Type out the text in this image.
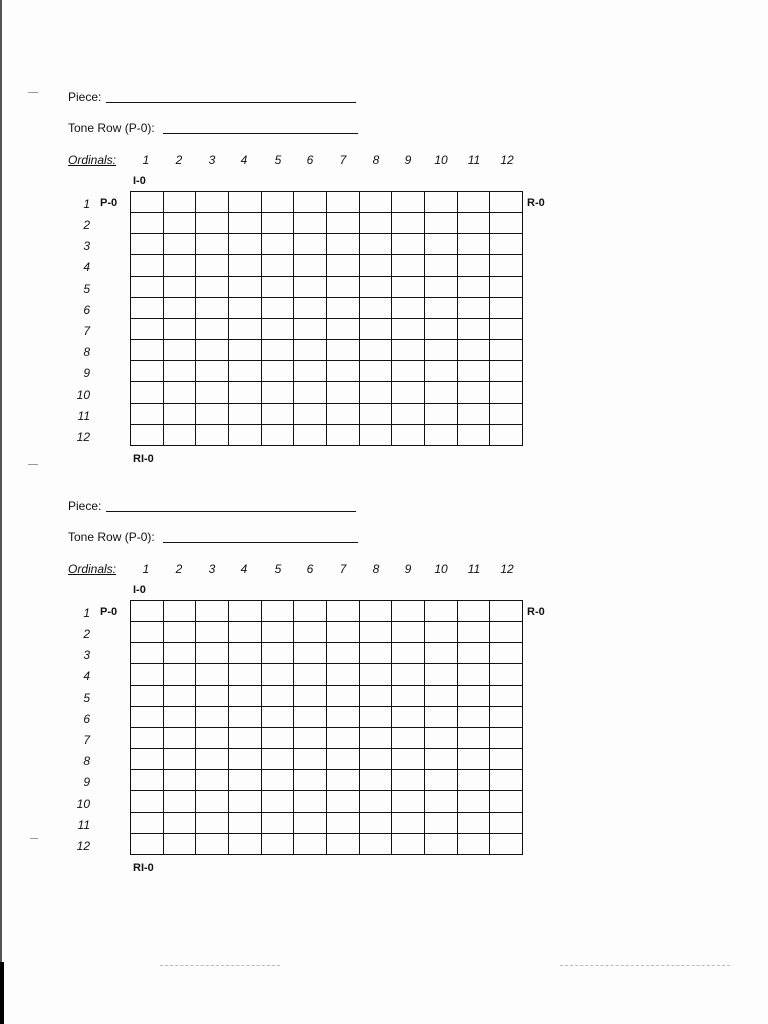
Piece:
Tone Row (P-0):
Ordinals:	1	2	3	4	5	6	7	8	9	10	11	12
I-0
P-0	R-0
RI-0
1
2
3
4
5
6
7
8
9
10
11
12
Piece:
Tone Row (P-0):
Ordinals:	1	2	3	4	5	6	7	8	9	10	11	12
I-0
P-0	R-0
RI-0
1
2
3
4
5
6
7
8
9
10
11
12
